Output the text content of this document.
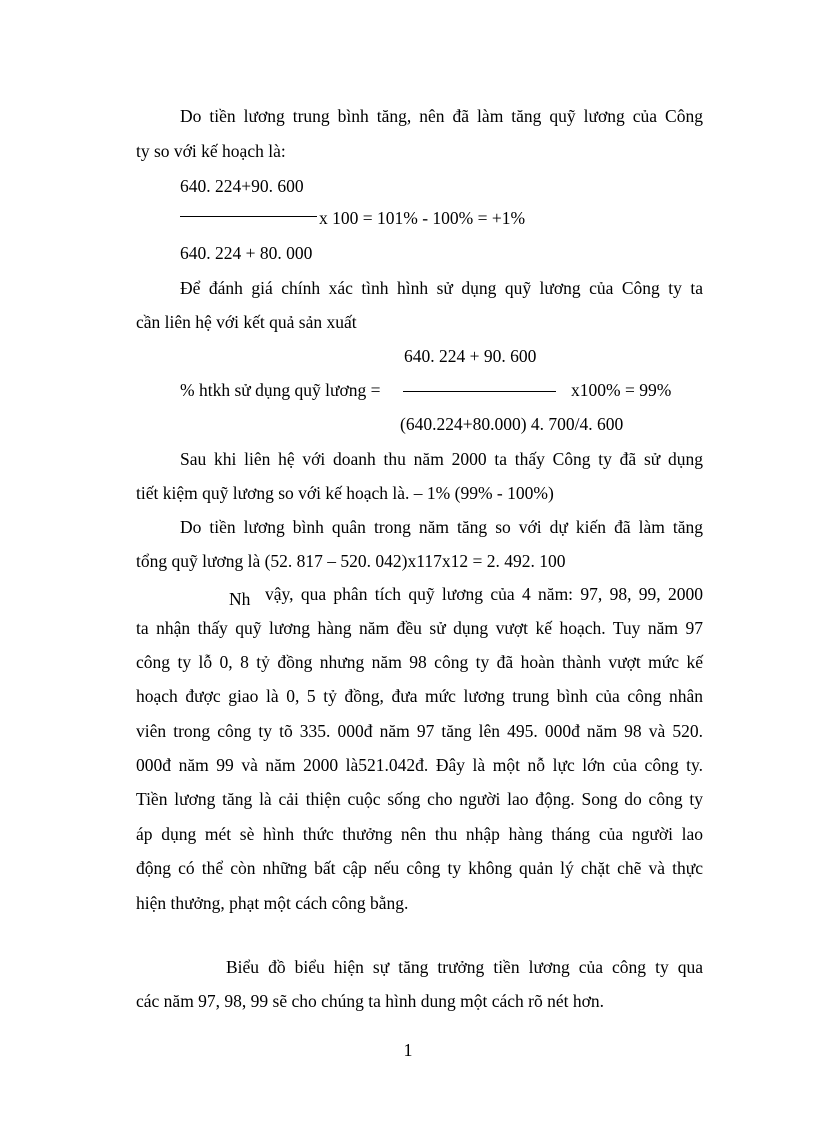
Do tiền lương trung bình tăng, nên đã làm tăng quỹ lương của Công
ty so với kế hoạch là:
640. 224+90. 600
x 100 = 101% - 100% = +1%
640. 224 + 80. 000
Để đánh giá chính xác tình hình sử dụng quỹ lương của Công ty ta
cần liên hệ với kết quả sản xuất
640. 224 + 90. 600
% htkh sử dụng quỹ lương =	x100% = 99%
(640.224+80.000) 4. 700/4. 600
Sau khi liên hệ với doanh thu năm 2000 ta thấy Công ty đã sử dụng
tiết kiệm quỹ lương so với kế hoạch là. – 1% (99% - 100%)
Do tiền lương bình quân trong năm tăng so với dự kiến đã làm tăng
tổng quỹ lương là (52. 817 – 520. 042)x117x12 = 2. 492. 100
Nh vậy, qua phân tích quỹ lương của 4 năm: 97, 98, 99, 2000
ta nhận thấy quỹ lương hàng năm đều sử dụng vượt kế hoạch. Tuy năm 97
công ty lỗ 0, 8 tỷ đồng nhưng năm 98 công ty đã hoàn thành vượt mức kế
hoạch được giao là 0, 5 tỷ đồng, đưa mức lương trung bình của công nhân
viên trong công ty tõ 335. 000đ năm 97 tăng lên 495. 000đ năm 98 và 520.
000đ năm 99 và năm 2000 là521.042đ. Đây là một nỗ lực lớn của công ty.
Tiền lương tăng là cải thiện cuộc sống cho người lao động. Song do công ty
áp dụng mét sè hình thức thưởng nên thu nhập hàng tháng của người lao
động có thể còn những bất cập nếu công ty không quản lý chặt chẽ và thực
hiện thưởng, phạt một cách công bằng.
Biểu đồ biểu hiện sự tăng trưởng tiền lương của công ty qua
các năm 97, 98, 99 sẽ cho chúng ta hình dung một cách rõ nét hơn.
1
